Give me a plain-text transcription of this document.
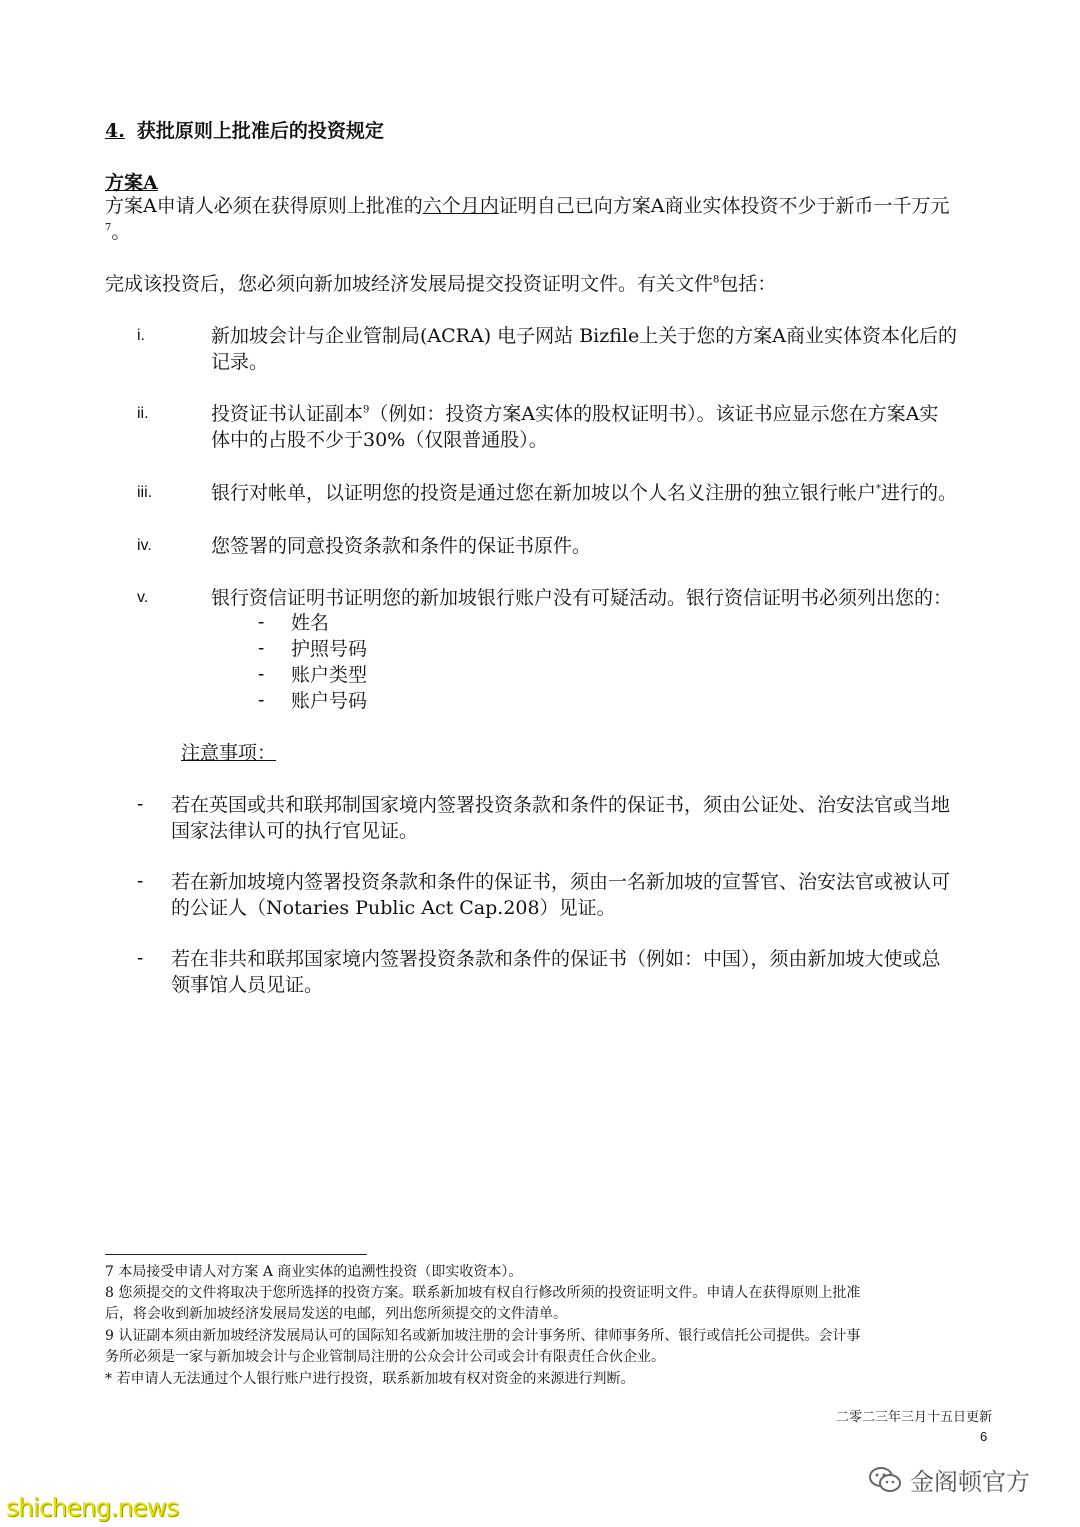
4. 获批原则上批准后的投资规定
方案A
方案A申请人必须在获得原则上批准的六个月内证明自己已向方案A商业实体投资不少于新币一千万元
$^7$。
完成该投资后，您必须向新加坡经济发展局提交投资证明文件。有关文件$^8$包括：
i.	新加坡会计与企业管制局(ACRA) 电子网站 Bizfile上关于您的方案A商业实体资本化后的
记录。
ii.	投资证书认证副本$^9$（例如：投资方案A实体的股权证明书）。该证书应显示您在方案A实
体中的占股不少于30%（仅限普通股）。
iii.	银行对帐单，以证明您的投资是通过您在新加坡以个人名义注册的独立银行帐户*进行的。
iv.	您签署的同意投资条款和条件的保证书原件。
v.	银行资信证明书证明您的新加坡银行账户没有可疑活动。银行资信证明书必须列出您的：
- 姓名
- 护照号码
- 账户类型
- 账户号码
注意事项：
- 若在英国或共和联邦制国家境内签署投资条款和条件的保证书，须由公证处、治安法官或当地
国家法律认可的执行官见证。
- 若在新加坡境内签署投资条款和条件的保证书，须由一名新加坡的宣誓官、治安法官或被认可
的公证人（Notaries Public Act Cap.208）见证。
- 若在非共和联邦国家境内签署投资条款和条件的保证书（例如：中国），须由新加坡大使或总
领事馆人员见证。
7 本局接受申请人对方案 A 商业实体的追溯性投资（即实收资本）。
8 您须提交的文件将取决于您所选择的投资方案。联系新加坡有权自行修改所须的投资证明文件。申请人在获得原则上批准
后，将会收到新加坡经济发展局发送的电邮，列出您所须提交的文件清单。
9 认证副本须由新加坡经济发展局认可的国际知名或新加坡注册的会计事务所、律师事务所、银行或信托公司提供。会计事
务所必须是一家与新加坡会计与企业管制局注册的公众会计公司或会计有限责任合伙企业。
* 若申请人无法通过个人银行账户进行投资，联系新加坡有权对资金的来源进行判断。
二零二三年三月十五日更新
6
金阁顿官方
shicheng.news
